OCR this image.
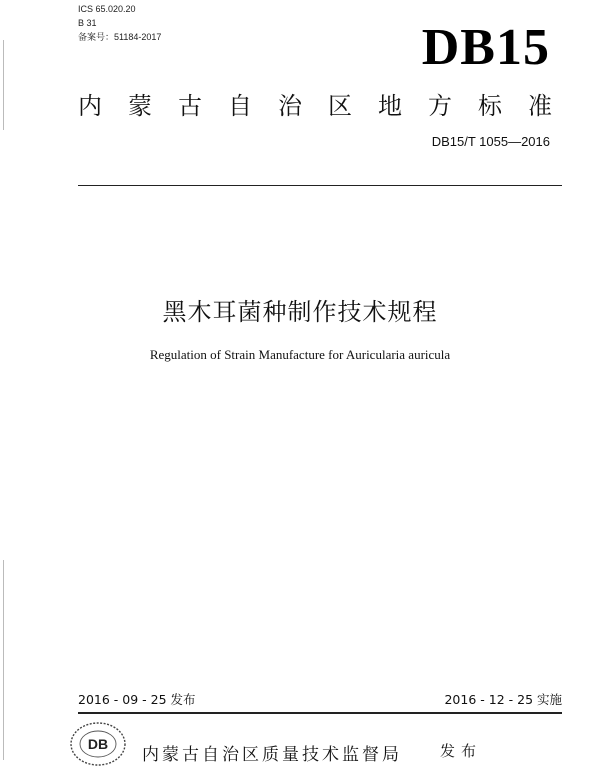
ICS 65.020.20
B 31
备案号：51184-2017	DB15
内蒙古自治区地方标准
DB15/T 1055—2016
黑木耳菌种制作技术规程
Regulation of Strain Manufacture for Auricularia auricula
2016 - 09 - 25 发布	2016 - 12 - 25 实施
DB
内蒙古自治区质量技术监督局	发布
